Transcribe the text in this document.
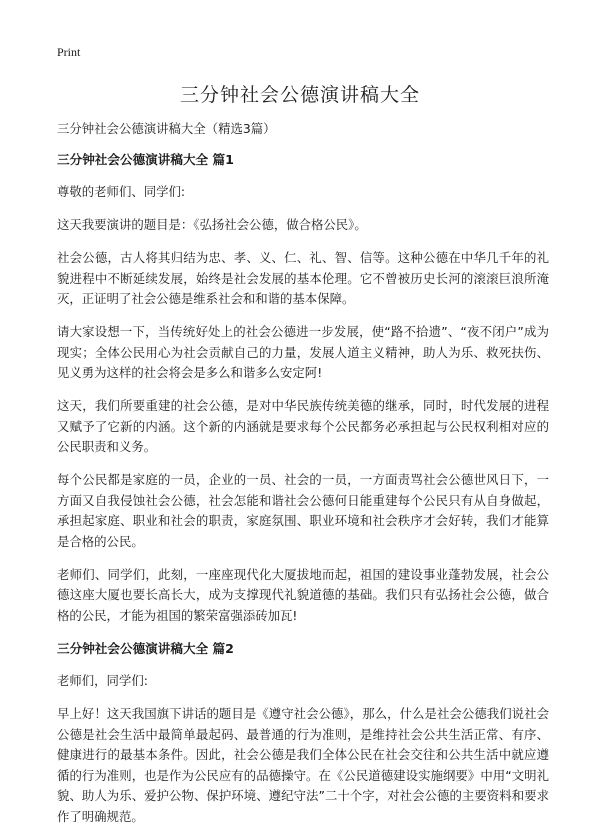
Print
三分钟社会公德演讲稿大全

三分钟社会公德演讲稿大全（精选3篇）

三分钟社会公德演讲稿大全 篇1

尊敬的老师们、同学们:

这天我要演讲的题目是：《弘扬社会公德，做合格公民》。

社会公德，古人将其归结为忠、孝、义、仁、礼、智、信等。这种公德在中华几千年的礼貌进程中不断延续发展，始终是社会发展的基本伦理。它不曾被历史长河的滚滚巨浪所淹灭，正证明了社会公德是维系社会和和谐的基本保障。

请大家设想一下，当传统好处上的社会公德进一步发展，使“路不拾遗”、“夜不闭户”成为现实；全体公民用心为社会贡献自己的力量，发展人道主义精神，助人为乐、救死扶伤、见义勇为这样的社会将会是多么和谐多么安定阿!

这天，我们所要重建的社会公德，是对中华民族传统美德的继承，同时，时代发展的进程又赋予了它新的内涵。这个新的内涵就是要求每个公民都务必承担起与公民权利相对应的公民职责和义务。

每个公民都是家庭的一员，企业的一员、社会的一员，一方面责骂社会公德世风日下，一方面又自我侵蚀社会公德，社会怎能和谐社会公德何日能重建每个公民只有从自身做起，承担起家庭、职业和社会的职责，家庭氛围、职业环境和社会秩序才会好转，我们才能算是合格的公民。

老师们、同学们，此刻，一座座现代化大厦拔地而起，祖国的建设事业蓬勃发展，社会公德这座大厦也要长高长大，成为支撑现代礼貌道德的基础。我们只有弘扬社会公德，做合格的公民，才能为祖国的繁荣富强添砖加瓦!

三分钟社会公德演讲稿大全 篇2

老师们，同学们:

早上好！这天我国旗下讲话的题目是《遵守社会公德》，那么，什么是社会公德我们说社会公德是社会生活中最简单最起码、最普通的行为准则，是维持社会公共生活正常、有序、健康进行的最基本条件。因此，社会公德是我们全体公民在社会交往和公共生活中就应遵循的行为准则，也是作为公民应有的品德操守。在《公民道德建设实施纲要》中用“文明礼貌、助人为乐、爱护公物、保护环境、遵纪守法”二十个字，对社会公德的主要资料和要求作了明确规范。
